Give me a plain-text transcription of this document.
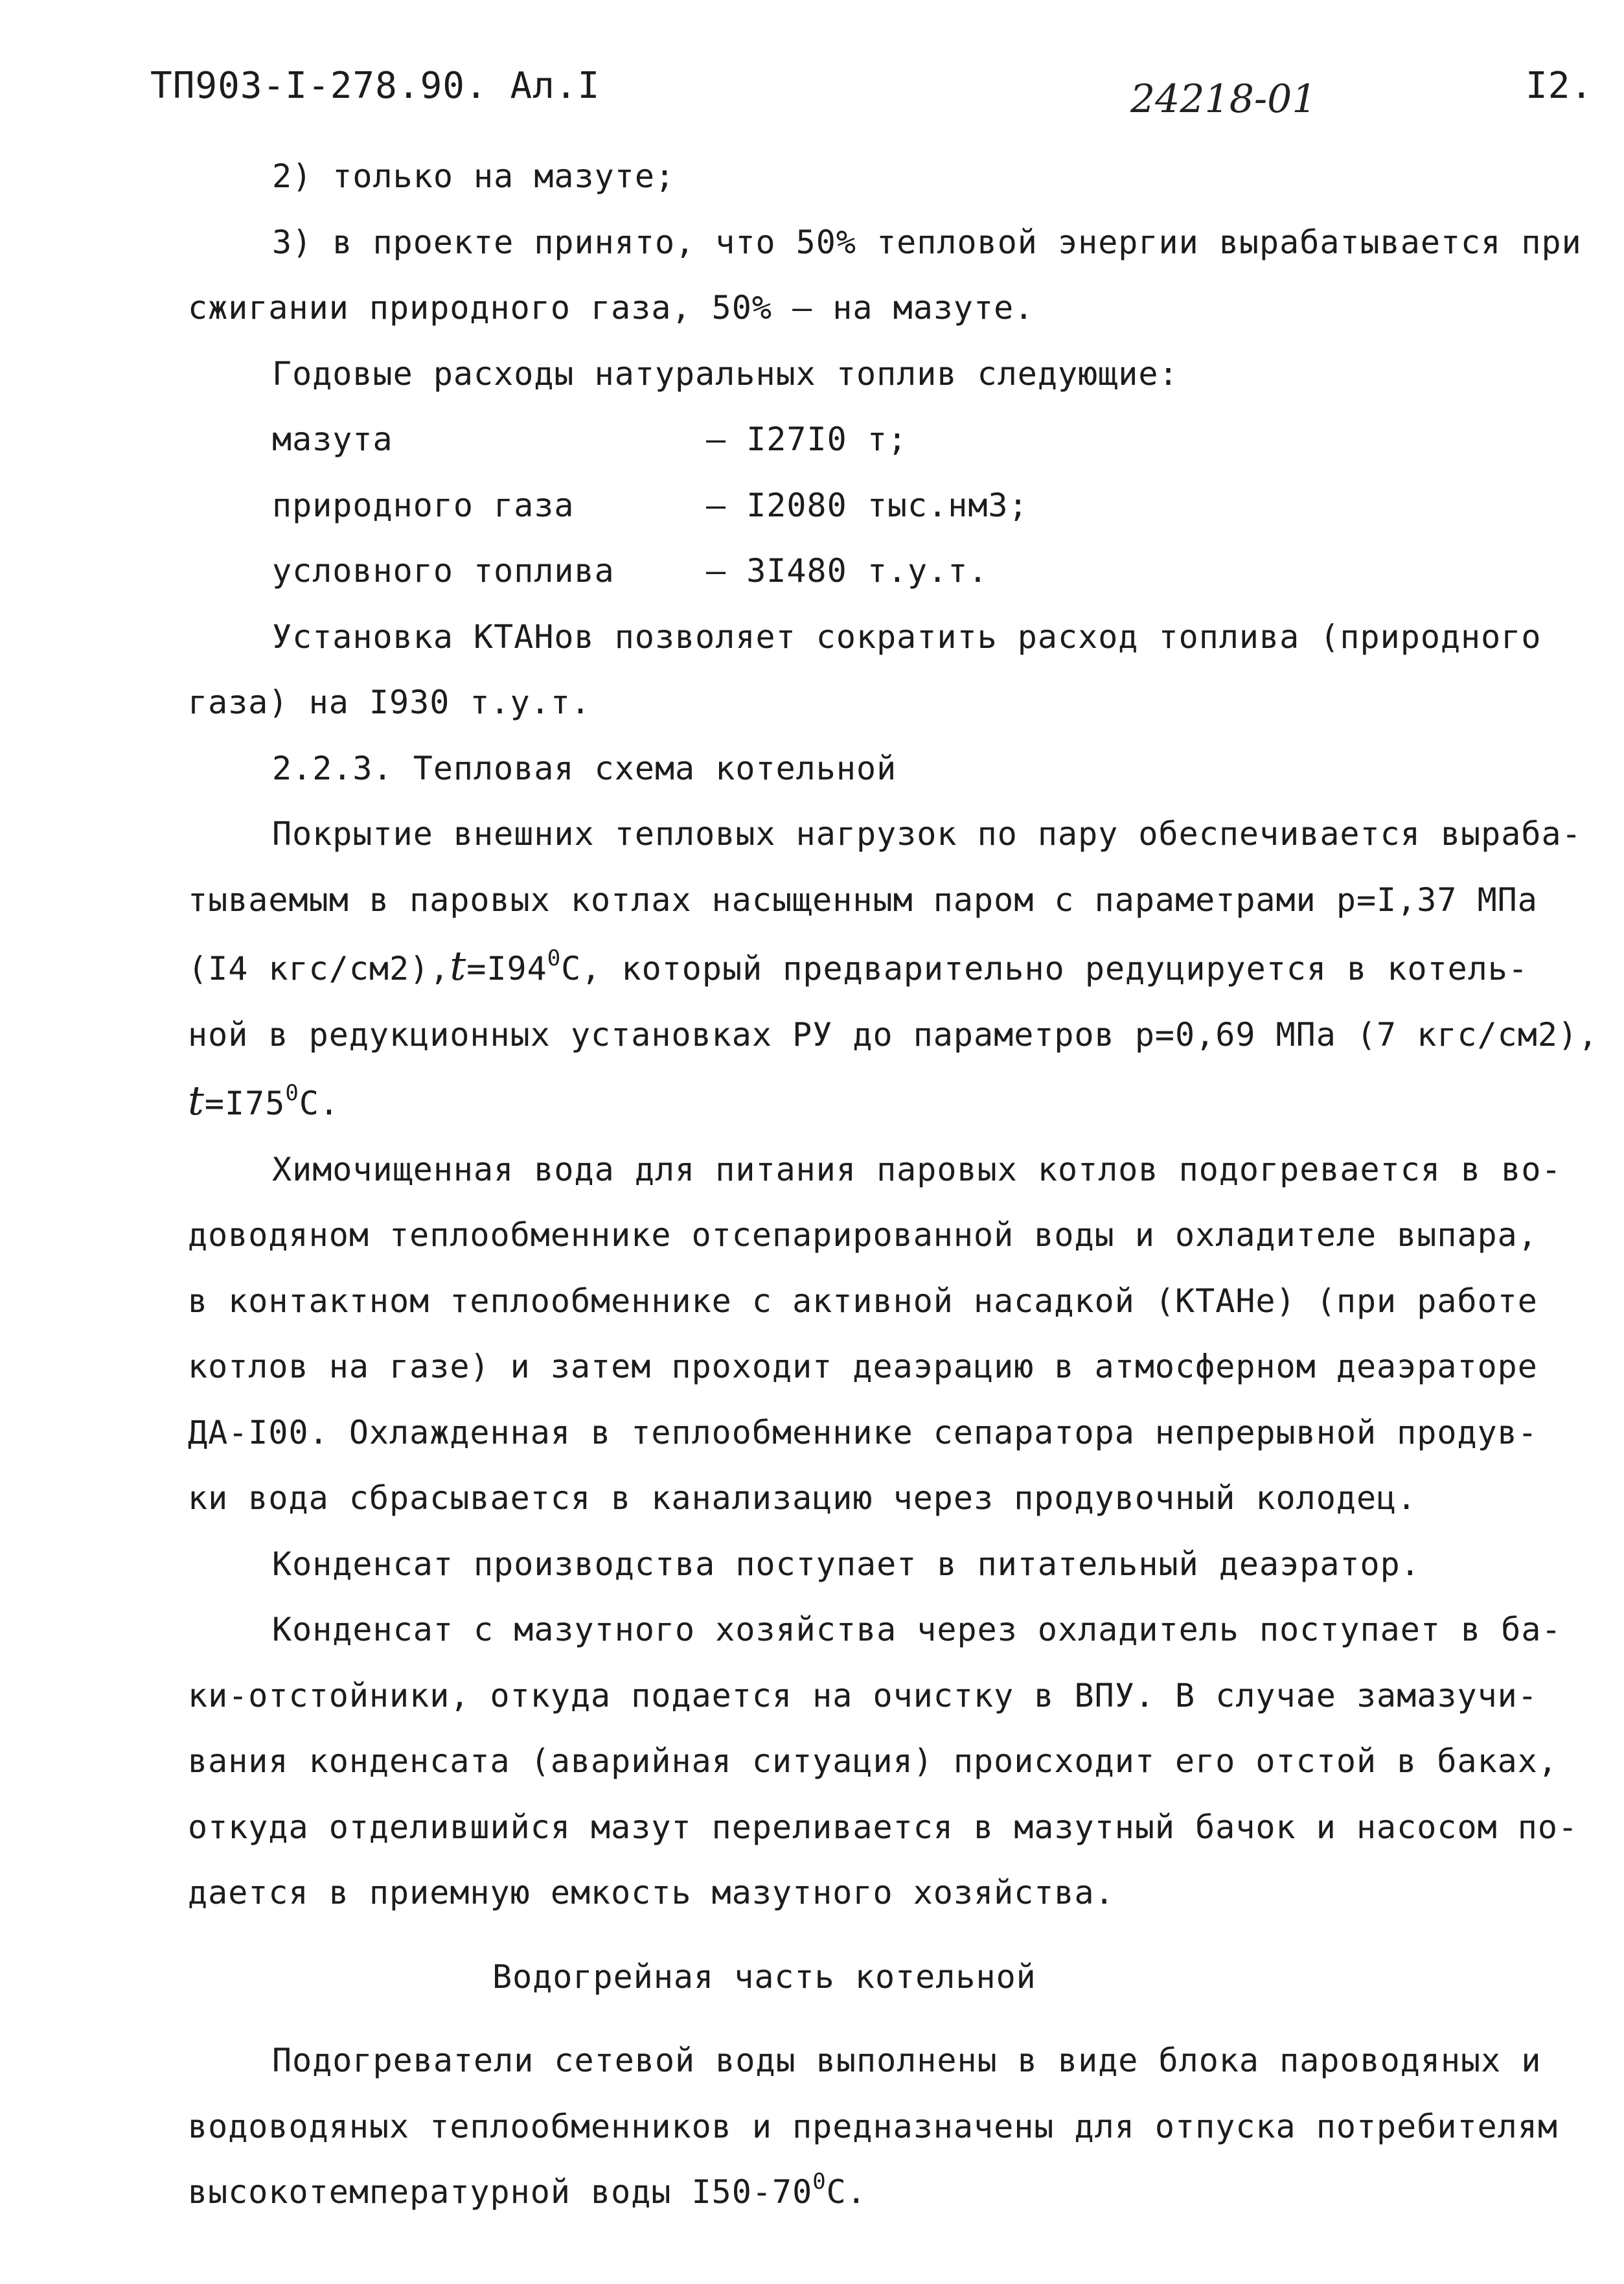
ТП903-I-278.90. Ал.I	24218-01	I2.

2) только на мазуте;

3) в проекте принято, что 50% тепловой энергии вырабатывается при
сжигании природного газа, 50% – на мазуте.

Годовые расходы натуральных топлив следующие:

мазута	– I27I0 т;
природного газа	– I2080 тыс.нм3;
условного топлива	– 3I480 т.у.т.

Установка КТАНов позволяет сократить расход топлива (природного
газа) на I930 т.у.т.

2.2.3. Тепловая схема котельной

Покрытие внешних тепловых нагрузок по пару обеспечивается выраба-
тываемым в паровых котлах насыщенным паром с параметрами р=I,37 МПа
(I4 кгс/$см2),t=I94^0С$, который предварительно редуцируется в котель-
ной в редукционных установках РУ до параметров р=0,69 МПа (7 кгс/см2),
$t=I75^0С$.

Химочищенная вода для питания паровых котлов подогревается в во-
доводяном теплообменнике отсепарированной воды и охладителе выпара,
в контактном теплообменнике с активной насадкой (КТАНе) (при работе
котлов на газе) и затем проходит деаэрацию в атмосферном деаэраторе
ДА-I00. Охлажденная в теплообменнике сепаратора непрерывной продув-
ки вода сбрасывается в канализацию через продувочный колодец.

Конденсат производства поступает в питательный деаэратор.

Конденсат с мазутного хозяйства через охладитель поступает в ба-
ки-отстойники, откуда подается на очистку в ВПУ. В случае замазучи-
вания конденсата (аварийная ситуация) происходит его отстой в баках,
откуда отделившийся мазут переливается в мазутный бачок и насосом по-
дается в приемную емкость мазутного хозяйства.

Водогрейная часть котельной

Подогреватели сетевой воды выполнены в виде блока пароводяных и
водоводяных теплообменников и предназначены для отпуска потребителям
высокотемпературной воды $I50-70^0С$.
